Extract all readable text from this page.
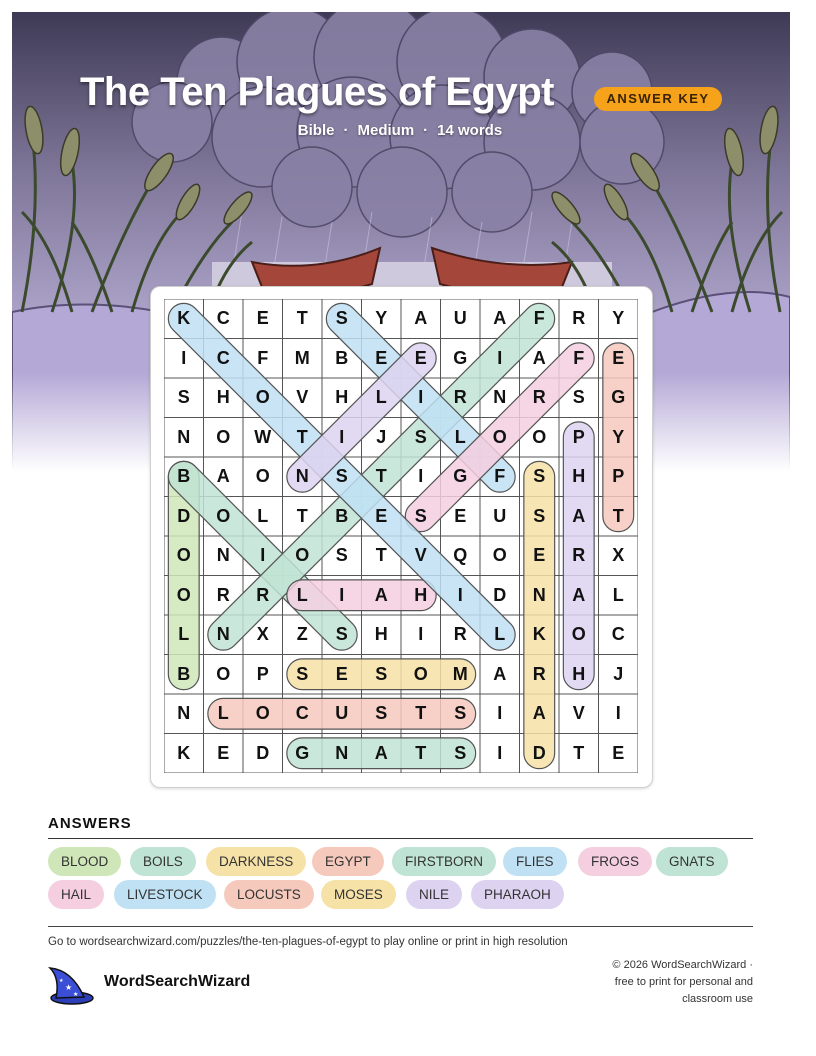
The Ten Plagues of Egypt	ANSWER KEY
Bible · Medium · 14 words
K	C	E	T	S	Y	A	U	A	F	R	Y
I	C	F	M	B	E	E	G	I	A	F	E
S	H	O	V	H	L	I	R	N	R	S	G
N	O	W	T	I	J	S	L	O	O	P	Y
B	A	O	N	S	T	I	G	F	S	H	P
D	O	L	T	B	E	S	E	U	S	A	T
O	N	I	O	S	T	V	Q	O	E	R	X
O	R	R	L	I	A	H	I	D	N	A	L
L	N	X	Z	S	H	I	R	L	K	O	C
B	O	P	S	E	S	O	M	A	R	H	J
N	L	O	C	U	S	T	S	I	A	V	I
K	E	D	G	N	A	T	S	I	D	T	E
ANSWERS
BLOOD	BOILS	DARKNESS	EGYPT	FIRSTBORN	FLIES	FROGS	GNATS
HAIL	LIVESTOCK	LOCUSTS	MOSES	NILE	PHARAOH
Go to wordsearchwizard.com/puzzles/the-ten-plagues-of-egypt to play online or print in high resolution
★
★
★	WordSearchWizard
© 2026 WordSearchWizard ·
free to print for personal and
classroom use
